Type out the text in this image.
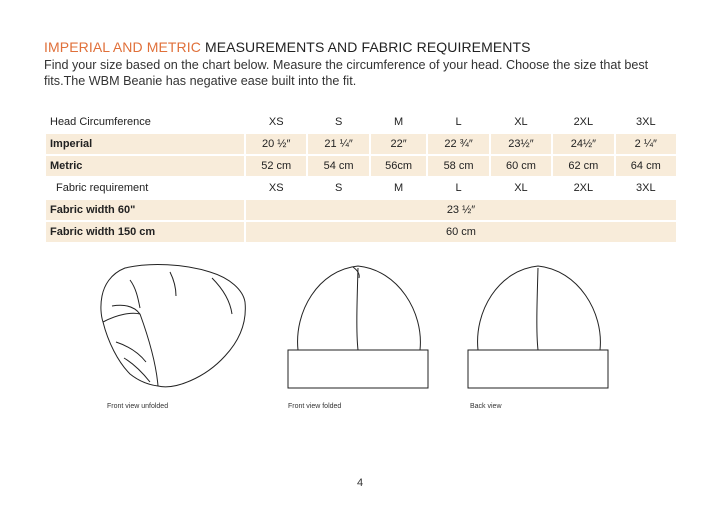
IMPERIAL AND METRIC MEASUREMENTS AND FABRIC REQUIREMENTS
Find your size based on the chart below. Measure the circumference of your head. Choose the size that best fits.The WBM Beanie has negative ease built into the fit.
Head Circumference	XS	S	M	L	XL	2XL	3XL
Imperial	20 ½″	21 ¼″	22″	22 ¾″	23½″	24½″	2 ¼″
Metric	52 cm	54 cm	56cm	58 cm	60 cm	62 cm	64 cm
Fabric requirement	XS	S	M	L	XL	2XL	3XL
Fabric width 60"	23 ½″						
Fabric width 150 cm	60 cm						
Front view unfolded	Front view folded	Back view
4
